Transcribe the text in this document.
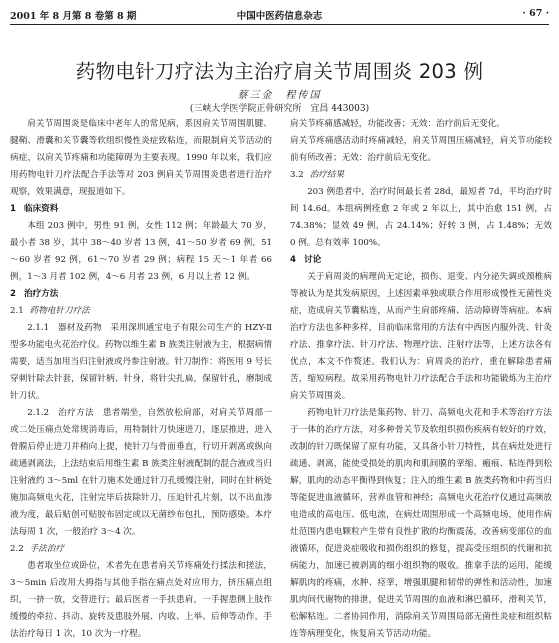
2001 年 8 月第 8 卷第 8 期	中国中医药信息杂志	· 67 ·
药物电针刀疗法为主治疗肩关节周围炎 203 例
蔡三金　程传国
(三峡大学医学院正骨研究所　宜昌 443003)

肩关节周围炎是临床中老年人的常见病，系因肩关节周围肌腱、腱鞘、滑囊和关节囊等软组织慢性炎症致粘连，而限制肩关节活动的病症，以肩关节疼痛和功能障碍为主要表现。1990 年以来，我们应用药物电针刀疗法配合手法等对 203 例肩关节周围炎患者进行治疗观察，效果满意，现报道如下。

1 临床资料

本组 203 例中，男性 91 例，女性 112 例；年龄最大 70 岁，最小者 38 岁，其中 38～40 岁者 13 例，41～50 岁者 69 例，51～60 岁者 92 例，61～70 岁者 29 例；病程 15 天～1 年者 66 例，1～3 月者 102 例，4～6 月者 23 例，6 月以上者 12 例。

2 治疗方法

2.1 药物电针刀疗法

2.1.1　器材及药物　采用深圳通宝电子有限公司生产的 HZY-Ⅱ型多功能电火花治疗仪。药物以维生素 B 族类注射液为主，根据病情需要，适当加用当归注射液或丹参注射液。针刀制作：将医用 9 号长穿刺针除去针套，保留针柄、针身，将针尖扎扁，保留针孔，磨制成针刀状。

2.1.2　治疗方法　患者端坐，自然放松肩部，对肩关节周部一或二处压痛点处常规消毒后，用特制针刀快速进刀，逐层推进，进入骨膜后停止进刀并稍向上提，使针刀与骨面垂直，行切开剥离或纵向疏通剥离法，上法结束后用维生素 B 族类注射液配制的混合液或当归注射液约 3～5ml 在针刀施术处通过针刀孔缓慢注射，同时在针柄处施加高频电火花，注射完毕后拔除针刀，压迫针孔片刻，以不出血渗液为度，最后贴创可贴胶布固定或以无菌纱布包扎，预防感染。本疗法每周 1 次，一般治疗 3～4 次。

2.2 手法治疗

患者取坐位或卧位，术者先在患者肩关节疼痛处行揉法和搓法，3～5min 后改用大拇指与其他手指在痛点处对应用力，挤压痛点组织，一挤一放，交替进行；最后医者一手扶患肩，一手握患侧上肢作缓慢的牵拉、抖动、旋转及患肢外展、内收、上举、后伸等动作，手法治疗每日 1 次，10 次为一疗程。

肩关节疼痛感减轻，功能改善；无效：治疗前后无变化。

肩关节疼痛感活动时疼痛减轻，肩关节周围压痛减轻，肩关节功能较前有所改善；无效：治疗前后无变化。

3.2 治疗结果

203 例患者中，治疗时间最长者 28d，最短者 7d，平均治疗时间 14.6d。本组病例痊愈 2 年或 2 年以上，其中治愈 151 例，占 74.38%；显效 49 例，占 24.14%；好转 3 例，占 1.48%；无效 0 例。总有效率 100%。

4 讨论

关于肩周炎的病理尚无定论，损伤、退变、内分泌失调或颈椎病等被认为是其发病原因，上述因素单独或联合作用形成慢性无菌性炎症，造成肩关节囊粘连，从而产生肩部疼痛、活动障碍等病症。本病治疗方法也多种多样，目前临床常用的方法有中西医内服外洗、针灸疗法、推拿疗法、针刀疗法、物理疗法、注射疗法等，上述方法各有优点，本文不作赘述。我们认为：肩周炎的治疗，重在解除患者痛苦，缩短病程。故采用药物电针刀疗法配合手法和功能锻炼为主治疗肩关节周围炎。

药物电针刀疗法是集药物、针刀、高频电火花和手术等治疗方法于一体的治疗方法，对多种骨关节及软组织损伤疾病有较好的疗效，改制的针刀既保留了原有功能，又具备小针刀特性，其在病灶处进行疏通、剥离，能使受损处的肌肉和肌间膜的挛缩、瘢痕、粘连得到松解，肌肉的动态平衡得到恢复；注入的维生素 B 族类药物和中药当归等能促进血液循环，营养血管和神经；高频电火花治疗仪通过高频放电造成的高电压、低电流，在病灶周围形成一个高频电场，使用作病灶范围内患电颗粒产生带有良性扩散的均衡震荡，改善病变部位的血液循环，促进炎症吸收和损伤组织的修复，提高受压组织的代谢和抗病能力，加速已被剥离的细小组织物的吸收。推拿手法的运用，能缓解肌肉的疼痛，水肿、痉挛，增强肌腱和韧带的弹性和活动性，加速肌肉间代谢物的排泄，促进关节周围的血液和淋巴循环，滑利关节，松解粘连。二者协同作用，消除肩关节周围局部无菌性炎症和组织粘连等病理变化，恢复肩关节活动功能。
